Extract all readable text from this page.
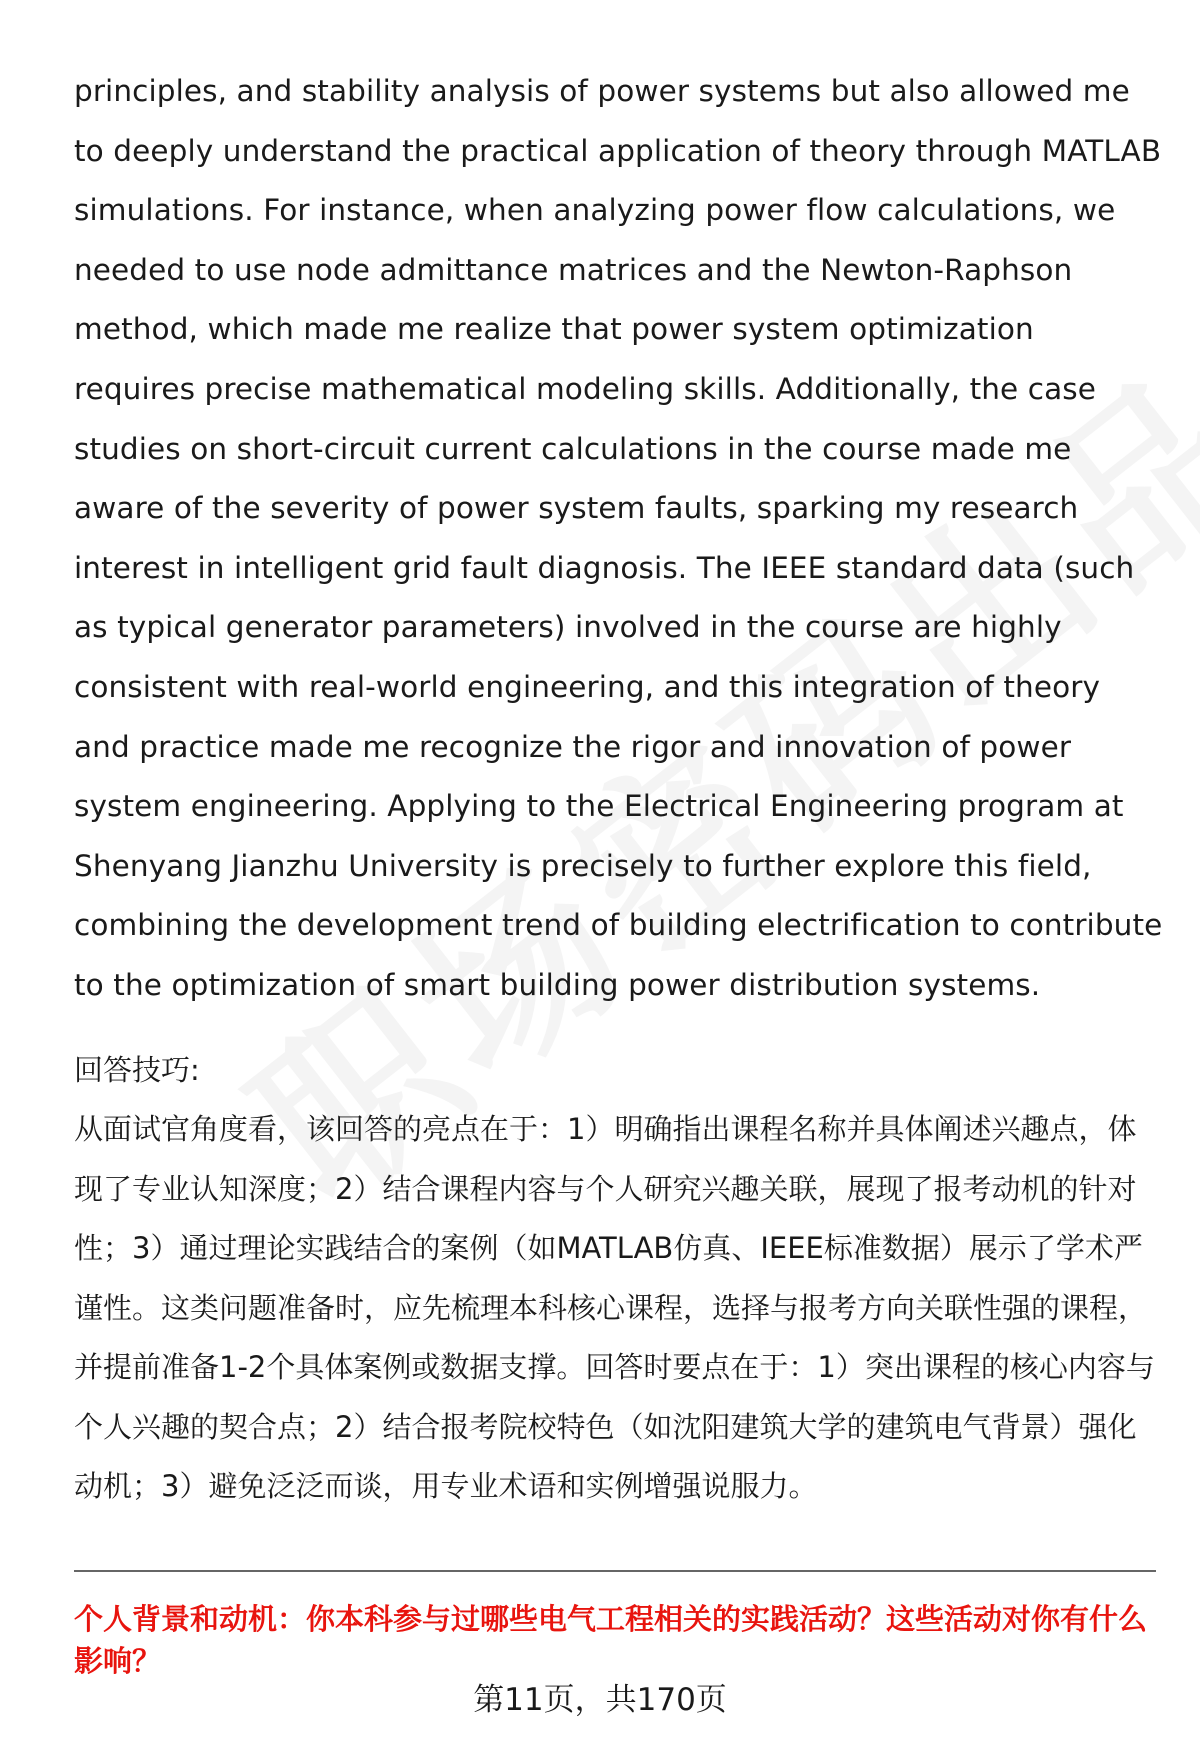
principles, and stability analysis of power systems but also allowed me to deeply understand the practical application of theory through MATLAB simulations. For instance, when analyzing power flow calculations, we needed to use node admittance matrices and the Newton-Raphson method, which made me realize that power system optimization requires precise mathematical modeling skills. Additionally, the case studies on short-circuit current calculations in the course made me aware of the severity of power system faults, sparking my research interest in intelligent grid fault diagnosis. The IEEE standard data (such as typical generator parameters) involved in the course are highly consistent with real-world engineering, and this integration of theory and practice made me recognize the rigor and innovation of power system engineering. Applying to the Electrical Engineering program at Shenyang Jianzhu University is precisely to further explore this field, combining the development trend of building electrification to contribute to the optimization of smart building power distribution systems.

回答技巧:

从面试官角度看，该回答的亮点在于：1）明确指出课程名称并具体阐述兴趣点，体现了专业认知深度；2）结合课程内容与个人研究兴趣关联，展现了报考动机的针对性；3）通过理论实践结合的案例（如MATLAB仿真、IEEE标准数据）展示了学术严谨性。这类问题准备时，应先梳理本科核心课程，选择与报考方向关联性强的课程，并提前准备1-2个具体案例或数据支撑。回答时要点在于：1）突出课程的核心内容与个人兴趣的契合点；2）结合报考院校特色（如沈阳建筑大学的建筑电气背景）强化动机；3）避免泛泛而谈，用专业术语和实例增强说服力。

个人背景和动机：你本科参与过哪些电气工程相关的实践活动？这些活动对你有什么影响？

第11页，共170页
